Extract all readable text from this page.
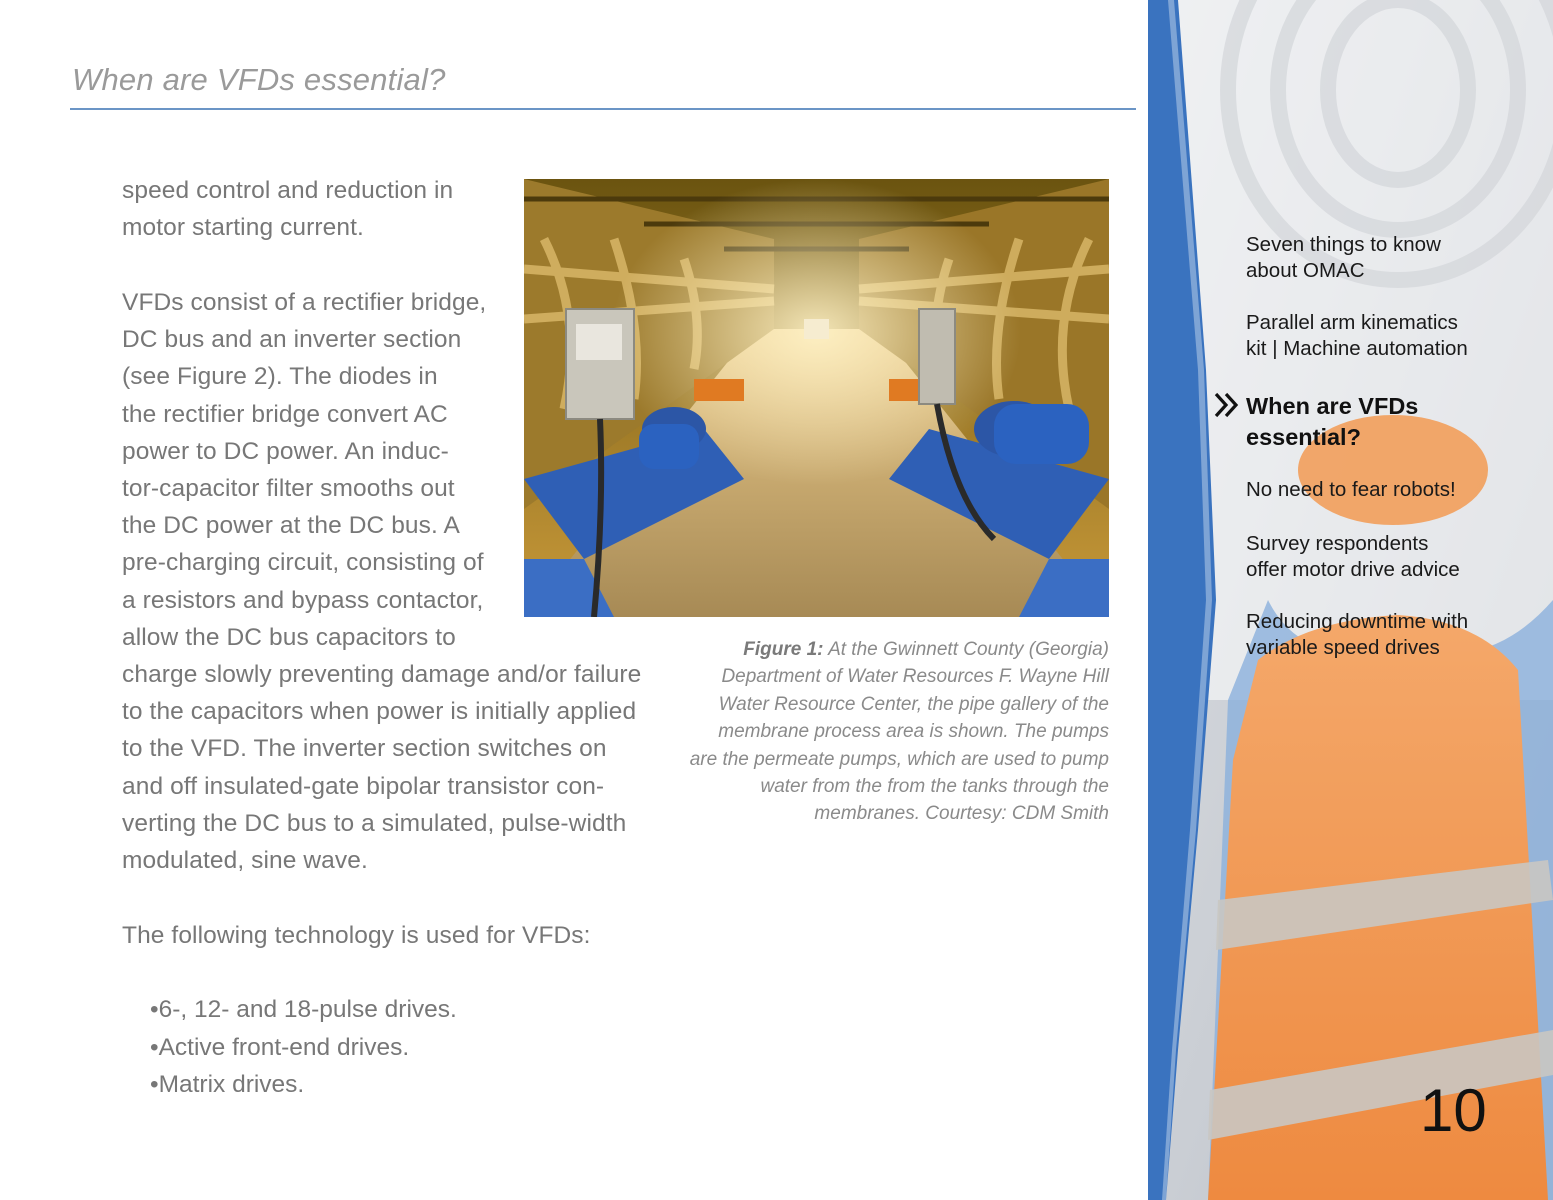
When are VFDs essential?
speed control and reduction in
motor starting current.
VFDs consist of a rectifier bridge,
DC bus and an inverter section
(see Figure 2). The diodes in
the rectifier bridge convert AC
power to DC power. An induc-
tor-capacitor filter smooths out
the DC power at the DC bus. A
pre-charging circuit, consisting of
a resistors and bypass contactor,
allow the DC bus capacitors to
charge slowly preventing damage and/or failure
to the capacitors when power is initially applied
to the VFD. The inverter section switches on
and off insulated-gate bipolar transistor con-
verting the DC bus to a simulated, pulse-width
modulated, sine wave.
The following technology is used for VFDs:
• 6-, 12- and 18-pulse drives.
• Active front-end drives.
• Matrix drives.
Figure 1: At the Gwinnett County (Georgia) Department of Water Resources F. Wayne Hill Water Resource Center, the pipe gallery of the membrane process area is shown. The pumps are the permeate pumps, which are used to pump water from the from the tanks through the membranes. Courtesy: CDM Smith
Seven things to know
about OMAC
Parallel arm kinematics
kit | Machine automation
When are VFDs
essential?
No need to fear robots!
Survey respondents
offer motor drive advice
Reducing downtime with
variable speed drives
10
